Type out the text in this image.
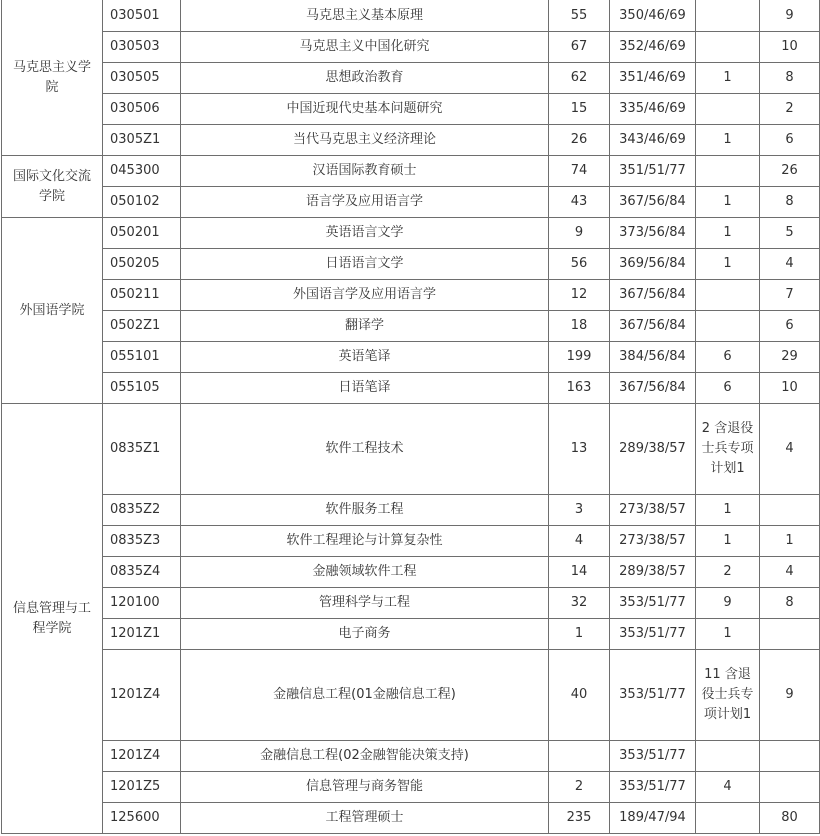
马克思主义学院	030501	马克思主义基本原理	55	350/46/69		9
	030503	马克思主义中国化研究	67	352/46/69		10
	030505	思想政治教育	62	351/46/69	1	8
	030506	中国近现代史基本问题研究	15	335/46/69		2
	0305Z1	当代马克思主义经济理论	26	343/46/69	1	6

国际文化交流学院	045300	汉语国际教育硕士	74	351/51/77		26
	050102	语言学及应用语言学	43	367/56/84	1	8

外国语学院	050201	英语语言文学	9	373/56/84	1	5
	050205	日语语言文学	56	369/56/84	1	4
	050211	外国语言学及应用语言学	12	367/56/84		7
	0502Z1	翻译学	18	367/56/84		6
	055101	英语笔译	199	384/56/84	6	29
	055105	日语笔译	163	367/56/84	6	10

信息管理与工程学院	0835Z1	软件工程技术	13	289/38/57	2 含退役士兵专项计划1	4
	0835Z2	软件服务工程	3	273/38/57	1	
	0835Z3	软件工程理论与计算复杂性	4	273/38/57	1	1
	0835Z4	金融领域软件工程	14	289/38/57	2	4
	120100	管理科学与工程	32	353/51/77	9	8
	1201Z1	电子商务	1	353/51/77	1	
	1201Z4	金融信息工程(01金融信息工程)	40	353/51/77	11 含退役士兵专项计划1	9
	1201Z4	金融信息工程(02金融智能决策支持)		353/51/77		
	1201Z5	信息管理与商务智能	2	353/51/77	4	
	125600	工程管理硕士	235	189/47/94		80
